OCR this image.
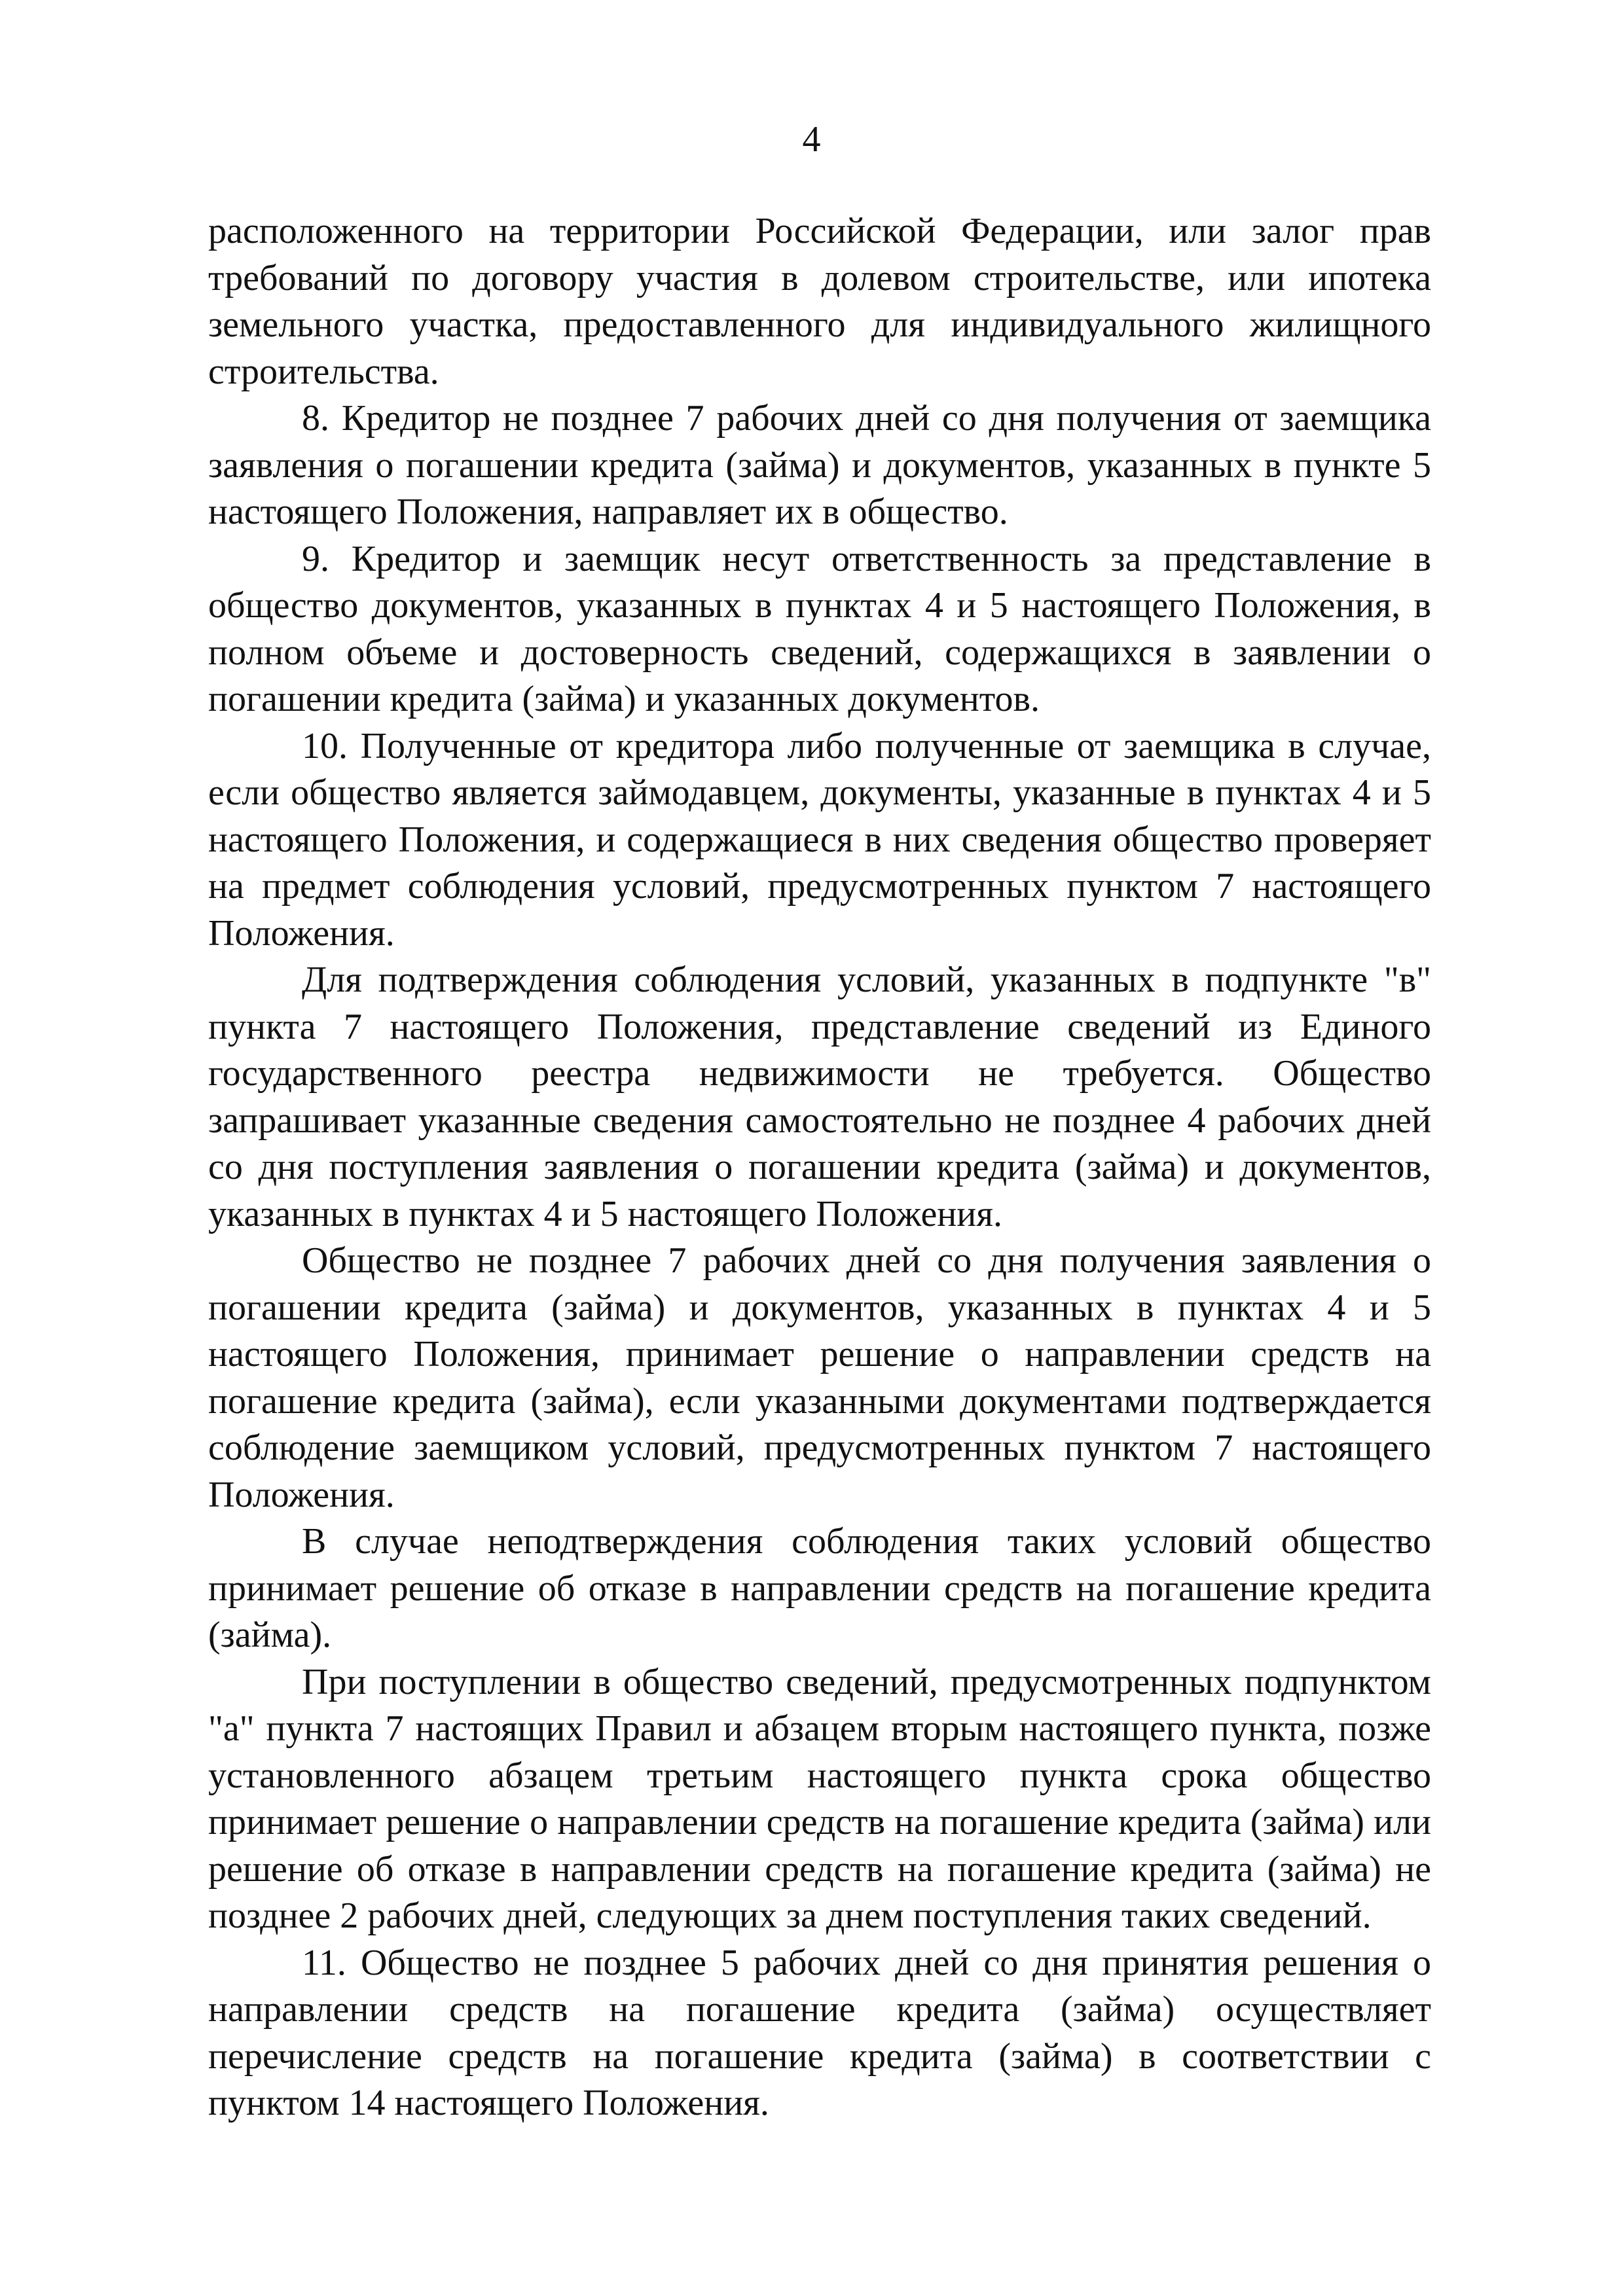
4

расположенного на территории Российской Федерации, или залог прав требований по договору участия в долевом строительстве, или ипотека земельного участка, предоставленного для индивидуального жилищного строительства.

8. Кредитор не позднее 7 рабочих дней со дня получения от заемщика заявления о погашении кредита (займа) и документов, указанных в пункте 5 настоящего Положения, направляет их в общество.

9. Кредитор и заемщик несут ответственность за представление в общество документов, указанных в пунктах 4 и 5 настоящего Положения, в полном объеме и достоверность сведений, содержащихся в заявлении о погашении кредита (займа) и указанных документов.

10. Полученные от кредитора либо полученные от заемщика в случае, если общество является займодавцем, документы, указанные в пунктах 4 и 5 настоящего Положения, и содержащиеся в них сведения общество проверяет на предмет соблюдения условий, предусмотренных пунктом 7 настоящего Положения.

Для подтверждения соблюдения условий, указанных в подпункте "в" пункта 7 настоящего Положения, представление сведений из Единого государственного реестра недвижимости не требуется. Общество запрашивает указанные сведения самостоятельно не позднее 4 рабочих дней со дня поступления заявления о погашении кредита (займа) и документов, указанных в пунктах 4 и 5 настоящего Положения.

Общество не позднее 7 рабочих дней со дня получения заявления о погашении кредита (займа) и документов, указанных в пунктах 4 и 5 настоящего Положения, принимает решение о направлении средств на погашение кредита (займа), если указанными документами подтверждается соблюдение заемщиком условий, предусмотренных пунктом 7 настоящего Положения.

В случае неподтверждения соблюдения таких условий общество принимает решение об отказе в направлении средств на погашение кредита (займа).

При поступлении в общество сведений, предусмотренных подпунктом "а" пункта 7 настоящих Правил и абзацем вторым настоящего пункта, позже установленного абзацем третьим настоящего пункта срока общество принимает решение о направлении средств на погашение кредита (займа) или решение об отказе в направлении средств на погашение кредита (займа) не позднее 2 рабочих дней, следующих за днем поступления таких сведений.

11. Общество не позднее 5 рабочих дней со дня принятия решения о направлении средств на погашение кредита (займа) осуществляет перечисление средств на погашение кредита (займа) в соответствии с пунктом 14 настоящего Положения.
